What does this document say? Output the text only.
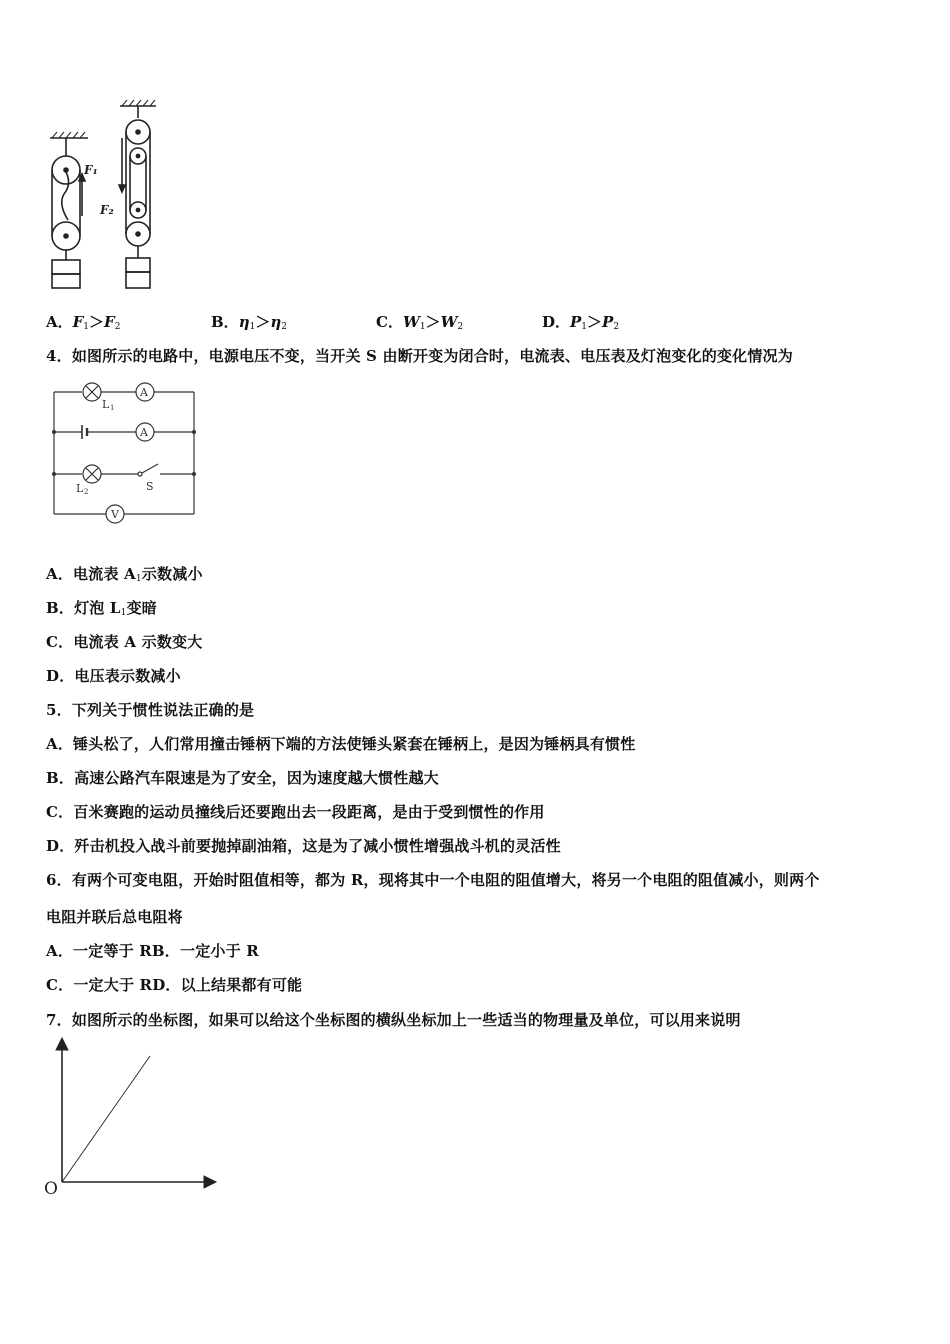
F₁
F₂
A．$F_1>F_2$	B．$\eta_1>\eta_2$	C．$W_1>W_2$	D．$P_1>P_2$
4．如图所示的电路中，电源电压不变，当开关 S 由断开变为闭合时，电流表、电压表及灯泡变化的变化情况为
A
A
V
L 1
L 2	S
A．电流表 $A_1$示数减小
B．灯泡 $L_1$变暗
C．电流表 A 示数变大
D．电压表示数减小
5．下列关于惯性说法正确的是
A．锤头松了，人们常用撞击锤柄下端的方法使锤头紧套在锤柄上，是因为锤柄具有惯性
B．高速公路汽车限速是为了安全，因为速度越大惯性越大
C．百米赛跑的运动员撞线后还要跑出去一段距离，是由于受到惯性的作用
D．歼击机投入战斗前要抛掉副油箱，这是为了减小惯性增强战斗机的灵活性
6．有两个可变电阻，开始时阻值相等，都为 R，现将其中一个电阻的阻值增大，将另一个电阻的阻值减小，则两个
电阻并联后总电阻将
A．一定等于 RB．一定小于 R
C．一定大于 RD．以上结果都有可能
7．如图所示的坐标图，如果可以给这个坐标图的横纵坐标加上一些适当的物理量及单位，可以用来说明
O
